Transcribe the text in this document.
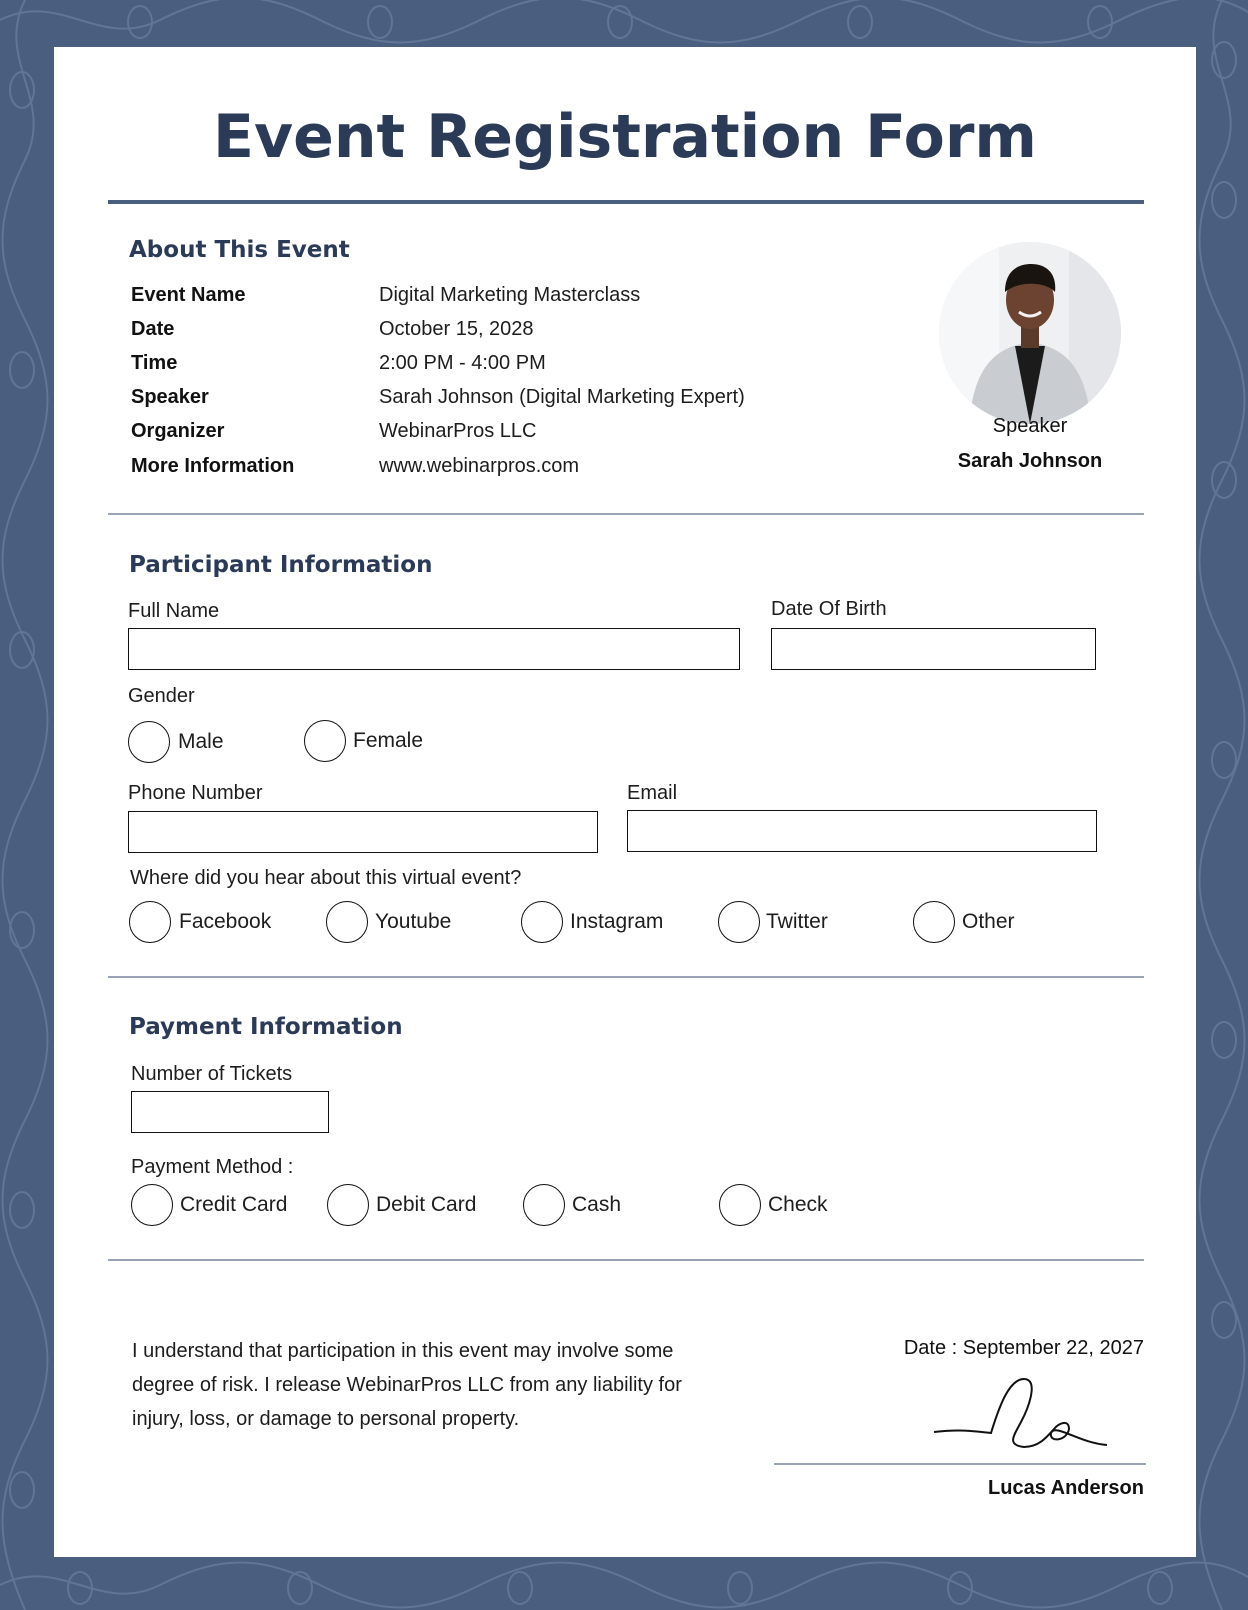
Event Registration Form
About This Event
Event Name	Digital Marketing Masterclass
Date	October 15, 2028
Time	2:00 PM - 4:00 PM
Speaker	Sarah Johnson (Digital Marketing Expert)
Organizer	WebinarPros LLC
More Information	www.webinarpros.com
Speaker
Sarah Johnson
Participant Information
Full Name	Date Of Birth
Gender
Male	Female
Phone Number	Email
Where did you hear about this virtual event?
Facebook	Youtube	Instagram	Twitter	Other
Payment Information
Number of Tickets
Payment Method :
Credit Card	Debit Card	Cash	Check
I understand that participation in this event may involve some degree of risk. I release WebinarPros LLC from any liability for injury, loss, or damage to personal property.
Date : September 22, 2027
Lucas Anderson
